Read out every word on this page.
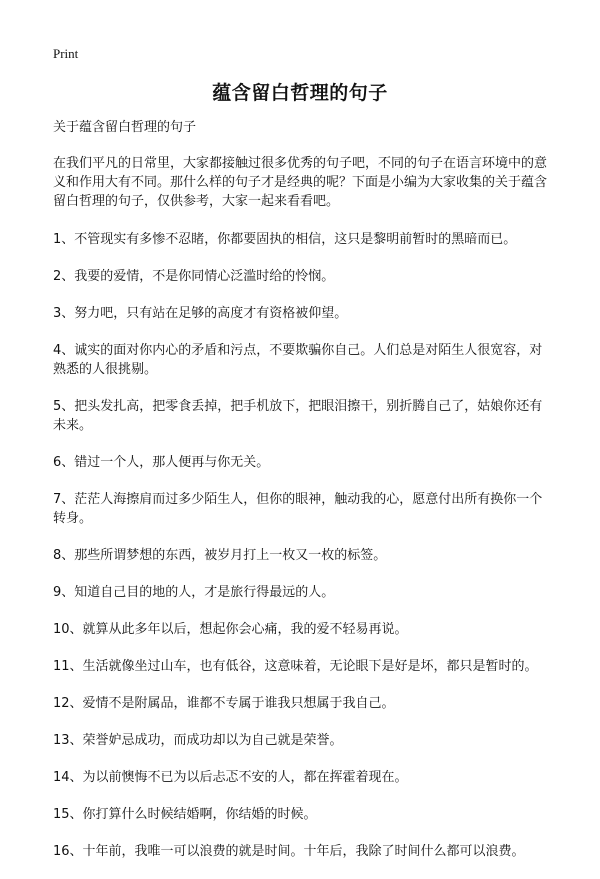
Print
蕴含留白哲理的句子

关于蕴含留白哲理的句子

在我们平凡的日常里，大家都接触过很多优秀的句子吧，不同的句子在语言环境中的意义和作用大有不同。那什么样的句子才是经典的呢？下面是小编为大家收集的关于蕴含留白哲理的句子，仅供参考，大家一起来看看吧。

1、不管现实有多惨不忍睹，你都要固执的相信，这只是黎明前暂时的黑暗而已。

2、我要的爱情，不是你同情心泛滥时给的怜悯。

3、努力吧，只有站在足够的高度才有资格被仰望。

4、诚实的面对你内心的矛盾和污点，不要欺骗你自己。人们总是对陌生人很宽容，对熟悉的人很挑剔。

5、把头发扎高，把零食丢掉，把手机放下，把眼泪擦干，别折腾自己了，姑娘你还有未来。

6、错过一个人，那人便再与你无关。

7、茫茫人海擦肩而过多少陌生人，但你的眼神，触动我的心，愿意付出所有换你一个转身。

8、那些所谓梦想的东西，被岁月打上一枚又一枚的标签。

9、知道自己目的地的人，才是旅行得最远的人。

10、就算从此多年以后，想起你会心痛，我的爱不轻易再说。

11、生活就像坐过山车，也有低谷，这意味着，无论眼下是好是坏，都只是暂时的。

12、爱情不是附属品，谁都不专属于谁我只想属于我自己。

13、荣誉妒忌成功，而成功却以为自己就是荣誉。

14、为以前懊悔不已为以后忐忑不安的人，都在挥霍着现在。

15、你打算什么时候结婚啊，你结婚的时候。

16、十年前，我唯一可以浪费的就是时间。十年后，我除了时间什么都可以浪费。
